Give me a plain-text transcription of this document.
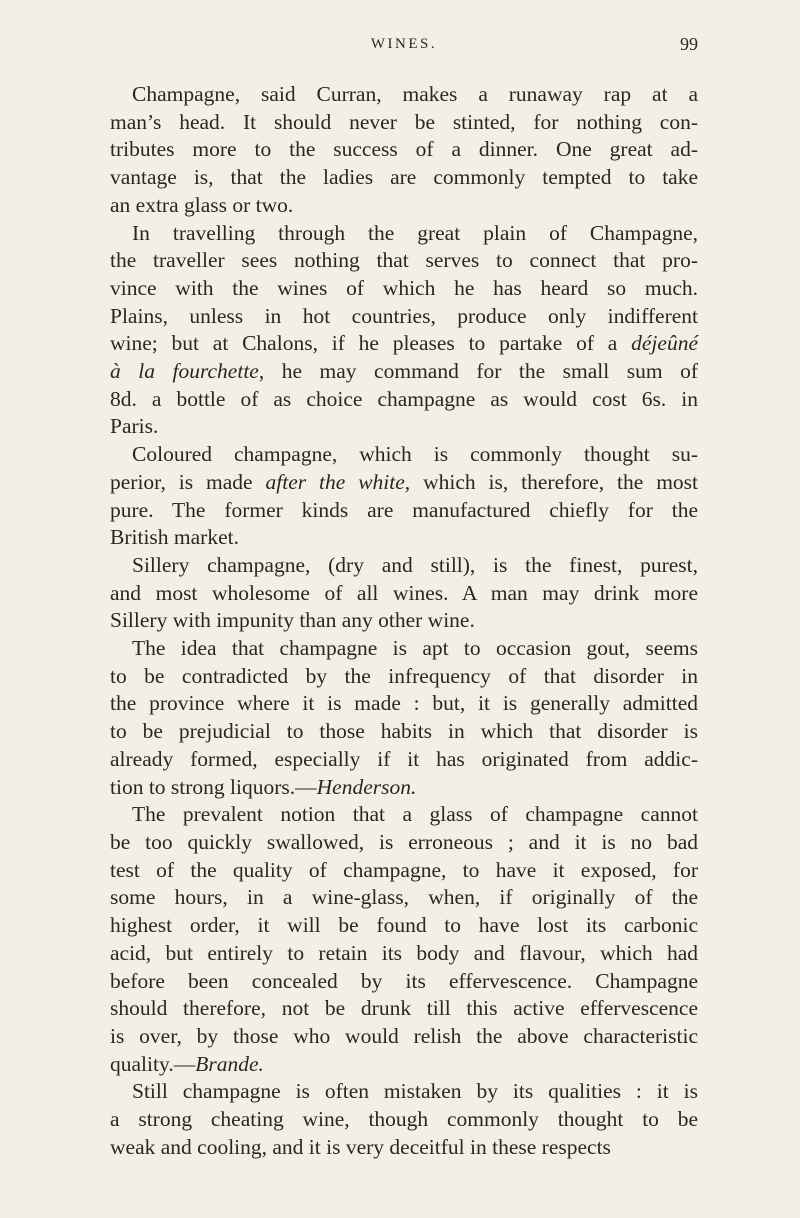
WINES.	99

Champagne, said Curran, makes a runaway rap at a
man’s head. It should never be stinted, for nothing con-
tributes more to the success of a dinner. One great ad-
vantage is, that the ladies are commonly tempted to take
an extra glass or two.

In travelling through the great plain of Champagne,
the traveller sees nothing that serves to connect that pro-
vince with the wines of which he has heard so much.
Plains, unless in hot countries, produce only indifferent
wine; but at Chalons, if he pleases to partake of a déjeûné
à la fourchette, he may command for the small sum of
8d. a bottle of as choice champagne as would cost 6s. in
Paris.

Coloured champagne, which is commonly thought su-
perior, is made after the white, which is, therefore, the most
pure. The former kinds are manufactured chiefly for the
British market.

Sillery champagne, (dry and still), is the finest, purest,
and most wholesome of all wines. A man may drink more
Sillery with impunity than any other wine.

The idea that champagne is apt to occasion gout, seems
to be contradicted by the infrequency of that disorder in
the province where it is made : but, it is generally admitted
to be prejudicial to those habits in which that disorder is
already formed, especially if it has originated from addic-
tion to strong liquors.—Henderson.

The prevalent notion that a glass of champagne cannot
be too quickly swallowed, is erroneous ; and it is no bad
test of the quality of champagne, to have it exposed, for
some hours, in a wine-glass, when, if originally of the
highest order, it will be found to have lost its carbonic
acid, but entirely to retain its body and flavour, which had
before been concealed by its effervescence. Champagne
should therefore, not be drunk till this active effervescence
is over, by those who would relish the above characteristic
quality.—Brande.

Still champagne is often mistaken by its qualities : it is
a strong cheating wine, though commonly thought to be
weak and cooling, and it is very deceitful in these respects
